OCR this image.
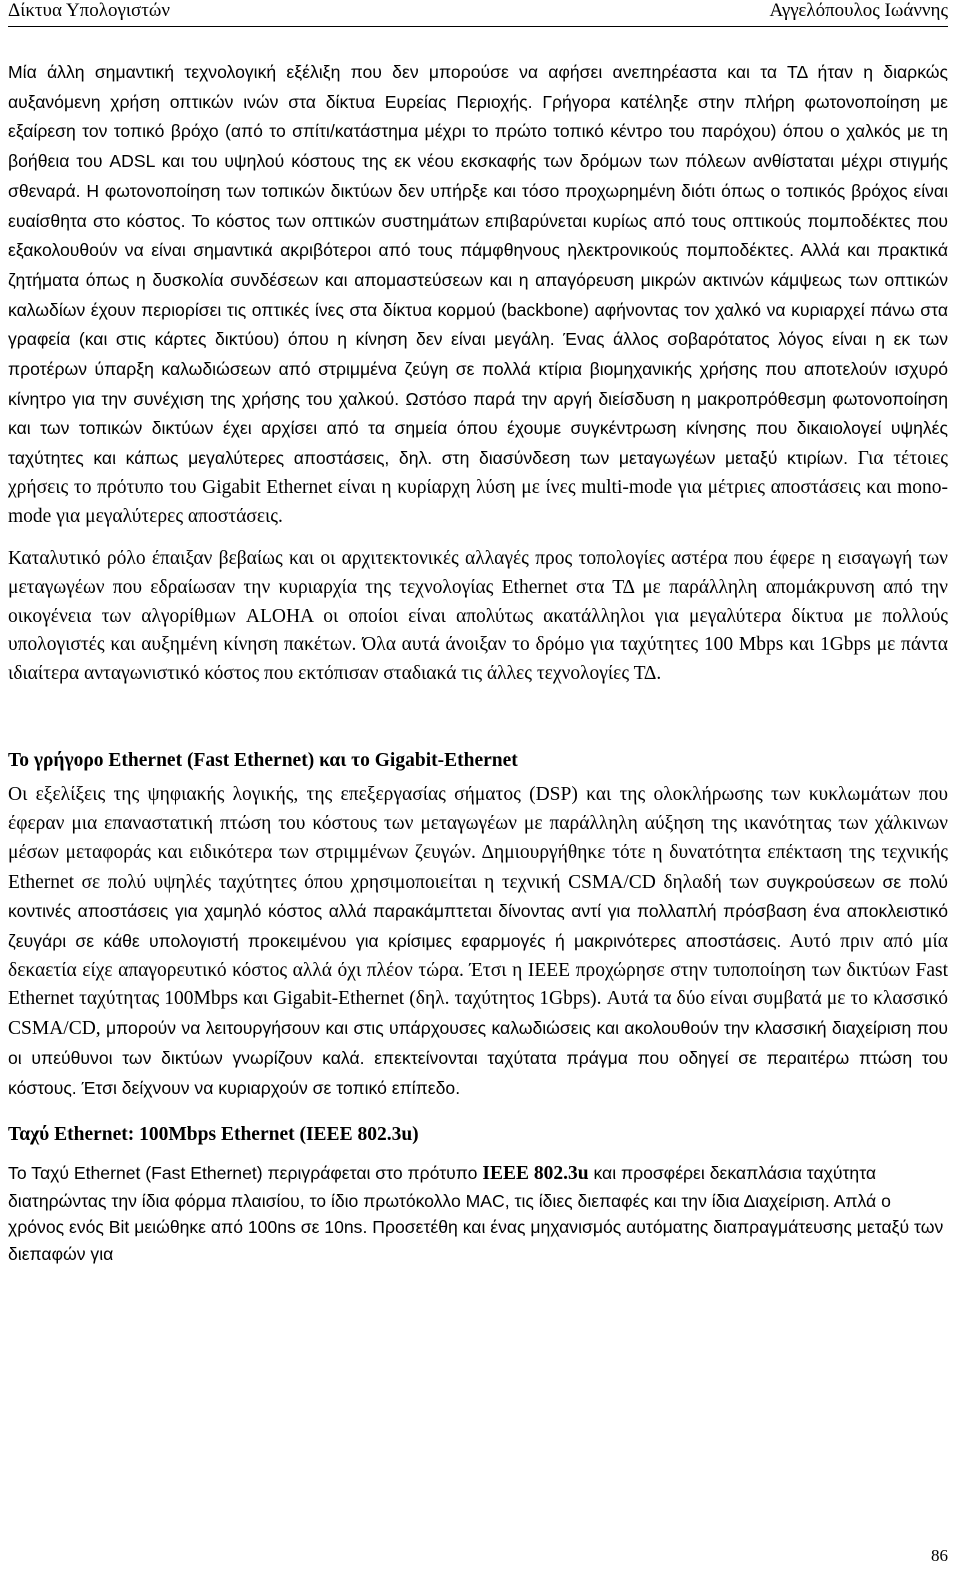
Δίκτυα Υπολογιστών	Αγγελόπουλος Ιωάννης

Μία άλλη σημαντική τεχνολογική εξέλιξη που δεν μπορούσε να αφήσει ανεπηρέαστα και τα ΤΔ ήταν η διαρκώς αυξανόμενη χρήση οπτικών ινών στα δίκτυα Ευρείας Περιοχής. Γρήγορα κατέληξε στην πλήρη φωτονοποίηση με εξαίρεση τον τοπικό βρόχο (από το σπίτι/κατάστημα μέχρι το πρώτο τοπικό κέντρο του παρόχου) όπου ο χαλκός με τη βοήθεια του ADSL και του υψηλού κόστους της εκ νέου εκσκαφής των δρόμων των πόλεων ανθίσταται μέχρι στιγμής σθεναρά. Η φωτονοποίηση των τοπικών δικτύων δεν υπήρξε και τόσο προχωρημένη διότι όπως ο τοπικός βρόχος είναι ευαίσθητα στο κόστος. Το κόστος των οπτικών συστημάτων επιβαρύνεται κυρίως από τους οπτικούς πομποδέκτες που εξακολουθούν να είναι σημαντικά ακριβότεροι από τους πάμφθηνους ηλεκτρονικούς πομποδέκτες. Αλλά και πρακτικά ζητήματα όπως η δυσκολία συνδέσεων και απομαστεύσεων και η απαγόρευση μικρών ακτινών κάμψεως των οπτικών καλωδίων έχουν περιορίσει τις οπτικές ίνες στα δίκτυα κορμού (backbone) αφήνοντας τον χαλκό να κυριαρχεί πάνω στα γραφεία (και στις κάρτες δικτύου) όπου η κίνηση δεν είναι μεγάλη. Ένας άλλος σοβαρότατος λόγος είναι η εκ των προτέρων ύπαρξη καλωδιώσεων από στριμμένα ζεύγη σε πολλά κτίρια βιομηχανικής χρήσης που αποτελούν ισχυρό κίνητρο για την συνέχιση της χρήσης του χαλκού. Ωστόσο παρά την αργή διείσδυση η μακροπρόθεσμη φωτονοποίηση και των τοπικών δικτύων έχει αρχίσει από τα σημεία όπου έχουμε συγκέντρωση κίνησης που δικαιολογεί υψηλές ταχύτητες και κάπως μεγαλύτερες αποστάσεις, δηλ. στη διασύνδεση των μεταγωγέων μεταξύ κτιρίων. Για τέτοιες χρήσεις το πρότυπο του Gigabit Ethernet είναι η κυρίαρχη λύση με ίνες multi-mode για μέτριες αποστάσεις και mono-mode για μεγαλύτερες αποστάσεις.

Καταλυτικό ρόλο έπαιξαν βεβαίως και οι αρχιτεκτονικές αλλαγές προς τοπολογίες αστέρα που έφερε η εισαγωγή των μεταγωγέων που εδραίωσαν την κυριαρχία της τεχνολογίας Ethernet στα ΤΔ με παράλληλη απομάκρυνση από την οικογένεια των αλγορίθμων ALOHA οι οποίοι είναι απολύτως ακατάλληλοι για μεγαλύτερα δίκτυα με πολλούς υπολογιστές και αυξημένη κίνηση πακέτων. Όλα αυτά άνοιξαν το δρόμο για ταχύτητες 100 Mbps και 1Gbps με πάντα ιδιαίτερα ανταγωνιστικό κόστος που εκτόπισαν σταδιακά τις άλλες τεχνολογίες ΤΔ.

Το γρήγορο Ethernet (Fast Ethernet) και το Gigabit-Ethernet

Οι εξελίξεις της ψηφιακής λογικής, της επεξεργασίας σήματος (DSP) και της ολοκλήρωσης των κυκλωμάτων που έφεραν μια επαναστατική πτώση του κόστους των μεταγωγέων με παράλληλη αύξηση της ικανότητας των χάλκινων μέσων μεταφοράς και ειδικότερα των στριμμένων ζευγών. Δημιουργήθηκε τότε η δυνατότητα επέκταση της τεχνικής Ethernet σε πολύ υψηλές ταχύτητες όπου χρησιμοποιείται η τεχνική CSMA/CD δηλαδή των συγκρούσεων σε πολύ κοντινές αποστάσεις για χαμηλό κόστος αλλά παρακάμπτεται δίνοντας αντί για πολλαπλή πρόσβαση ένα αποκλειστικό ζευγάρι σε κάθε υπολογιστή προκειμένου για κρίσιμες εφαρμογές ή μακρινότερες αποστάσεις. Αυτό πριν από μία δεκαετία είχε απαγορευτικό κόστος αλλά όχι πλέον τώρα. Έτσι η IEEE προχώρησε στην τυποποίηση των δικτύων Fast Ethernet ταχύτητας 100Mbps και Gigabit-Ethernet (δηλ. ταχύτητος 1Gbps). Αυτά τα δύο είναι συμβατά με το κλασσικό CSMA/CD, μπορούν να λειτουργήσουν και στις υπάρχουσες καλωδιώσεις και ακολουθούν την κλασσική διαχείριση που οι υπεύθυνοι των δικτύων γνωρίζουν καλά. επεκτείνονται ταχύτατα πράγμα που οδηγεί σε περαιτέρω πτώση του κόστους. Έτσι δείχνουν να κυριαρχούν σε τοπικό επίπεδο.

Ταχύ Ethernet: 100Mbps Ethernet (IEEE 802.3u)

Το Ταχύ Ethernet (Fast Ethernet) περιγράφεται στο πρότυπο IEEE 802.3u και προσφέρει δεκαπλάσια ταχύτητα διατηρώντας την ίδια φόρμα πλαισίου, το ίδιο πρωτόκολλο MAC, τις ίδιες διεπαφές και την ίδια Διαχείριση. Απλά ο χρόνος ενός Bit μειώθηκε από 100ns σε 10ns. Προσετέθη και ένας μηχανισμός αυτόματης διαπραγμάτευσης μεταξύ των διεπαφών για

86
